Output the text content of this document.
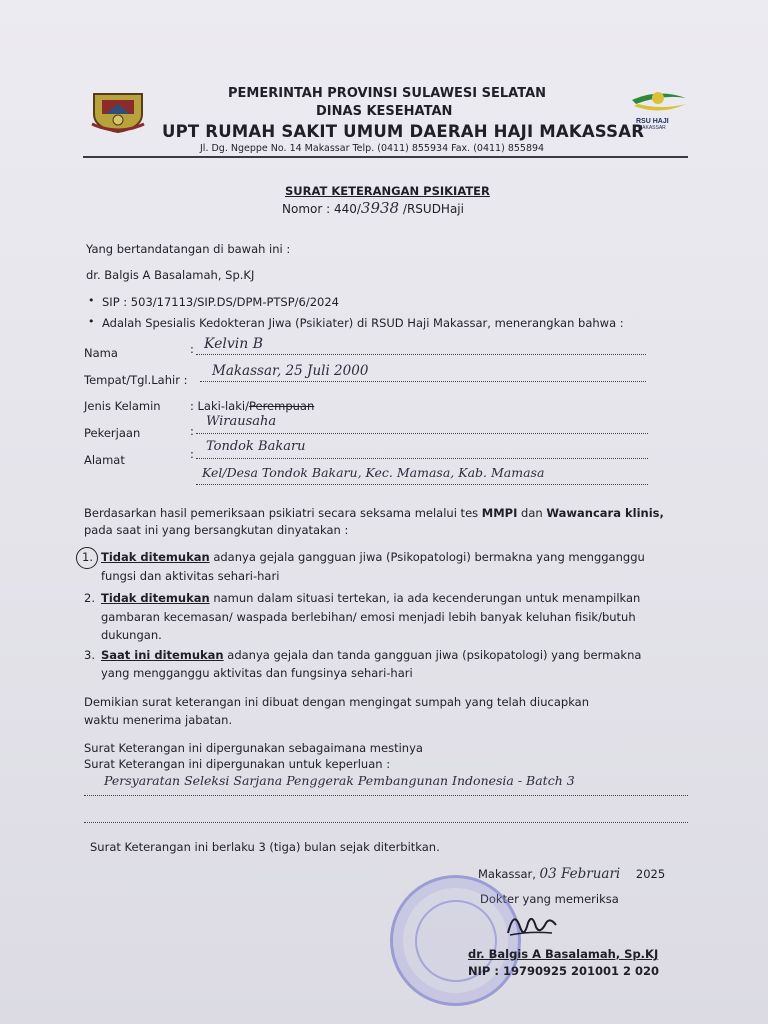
RSU HAJI
MAKASSAR
PEMERINTAH PROVINSI SULAWESI SELATAN
DINAS KESEHATAN
UPT RUMAH SAKIT UMUM DAERAH HAJI MAKASSAR
Jl. Dg. Ngeppe No. 14 Makassar Telp. (0411) 855934 Fax. (0411) 855894
SURAT KETERANGAN PSIKIATER
Nomor : 440/3938 /RSUDHaji
Yang bertandatangan di bawah ini :
dr. Balgis A Basalamah, Sp.KJ
• SIP : 503/17113/SIP.DS/DPM-PTSP/6/2024
• Adalah Spesialis Kedokteran Jiwa (Psikiater) di RSUD Haji Makassar, menerangkan bahwa :
Nama	: Kelvin B
Tempat/Tgl.Lahir :
Makassar, 25 Juli 2000
Jenis Kelamin	: Laki-laki/Perempuan
Pekerjaan	:
Wirausaha
Alamat	: Tondok Bakaru
Kel/Desa Tondok Bakaru, Kec. Mamasa, Kab. Mamasa
Berdasarkan hasil pemeriksaan psikiatri secara seksama melalui tes MMPI dan Wawancara klinis,
pada saat ini yang bersangkutan dinyatakan :
1. Tidak ditemukan adanya gejala gangguan jiwa (Psikopatologi) bermakna yang mengganggu
fungsi dan aktivitas sehari-hari
2. Tidak ditemukan namun dalam situasi tertekan, ia ada kecenderungan untuk menampilkan
gambaran kecemasan/ waspada berlebihan/ emosi menjadi lebih banyak keluhan fisik/butuh
dukungan.
3. Saat ini ditemukan adanya gejala dan tanda gangguan jiwa (psikopatologi) yang bermakna
yang mengganggu aktivitas dan fungsinya sehari-hari
Demikian surat keterangan ini dibuat dengan mengingat sumpah yang telah diucapkan
waktu menerima jabatan.
Surat Keterangan ini dipergunakan sebagaimana mestinya
Surat Keterangan ini dipergunakan untuk keperluan :
Persyaratan Seleksi Sarjana Penggerak Pembangunan Indonesia - Batch 3
Surat Keterangan ini berlaku 3 (tiga) bulan sejak diterbitkan.
Makassar, 03 Februari 2025
Dokter yang memeriksa
dr. Balgis A Basalamah, Sp.KJ
NIP : 19790925 201001 2 020
